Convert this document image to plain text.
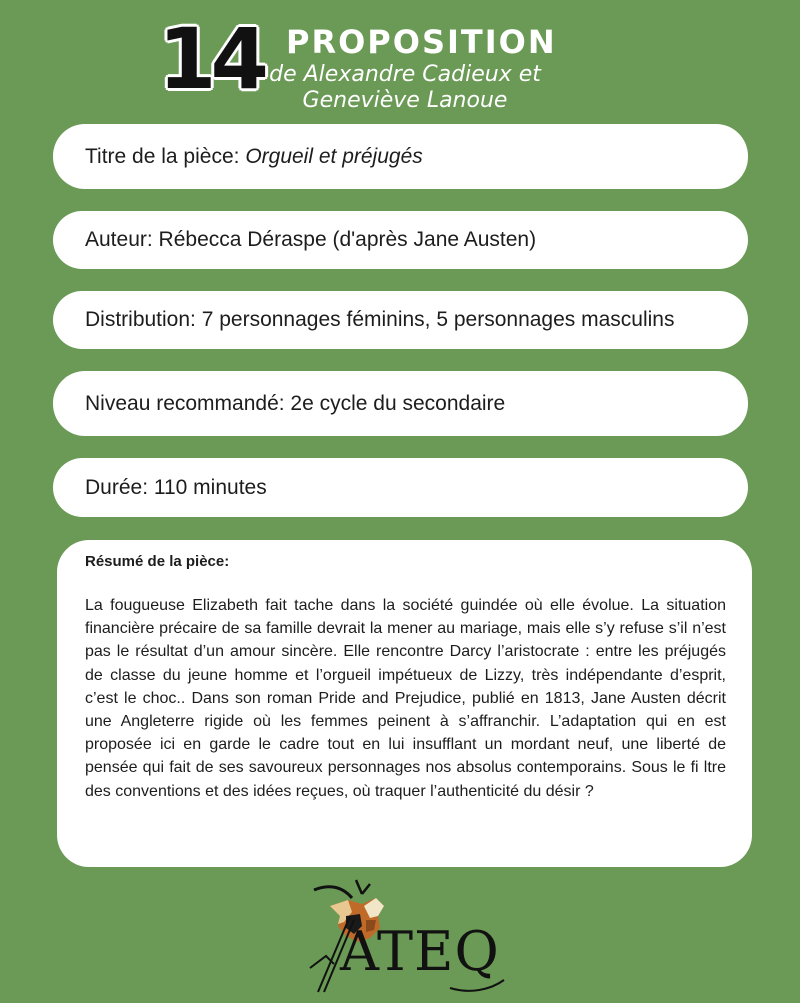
14 PROPOSITION
de Alexandre Cadieux et
Geneviève Lanoue
Titre de la pièce: Orgueil et préjugés
Auteur: Rébecca Déraspe (d'après Jane Austen)
Distribution: 7 personnages féminins, 5 personnages masculins
Niveau recommandé: 2e cycle du secondaire
Durée: 110 minutes
Résumé de la pièce:
La fougueuse Elizabeth fait tache dans la société guindée où elle évolue. La situation financière précaire de sa famille devrait la mener au mariage, mais elle s’y refuse s’il n’est pas le résultat d’un amour sincère. Elle rencontre Darcy l’aristocrate : entre les préjugés de classe du jeune homme et l’orgueil impétueux de Lizzy, très indépendante d’esprit, c’est le choc.. Dans son roman Pride and Prejudice, publié en 1813, Jane Austen décrit une Angleterre rigide où les femmes peinent à s’affranchir. L’adaptation qui en est proposée ici en garde le cadre tout en lui insufflant un mordant neuf, une liberté de pensée qui fait de ses savoureux personnages nos absolus contemporains. Sous le fi ltre des conventions et des idées reçues, où traquer l’authenticité du désir ?
ATEQ
